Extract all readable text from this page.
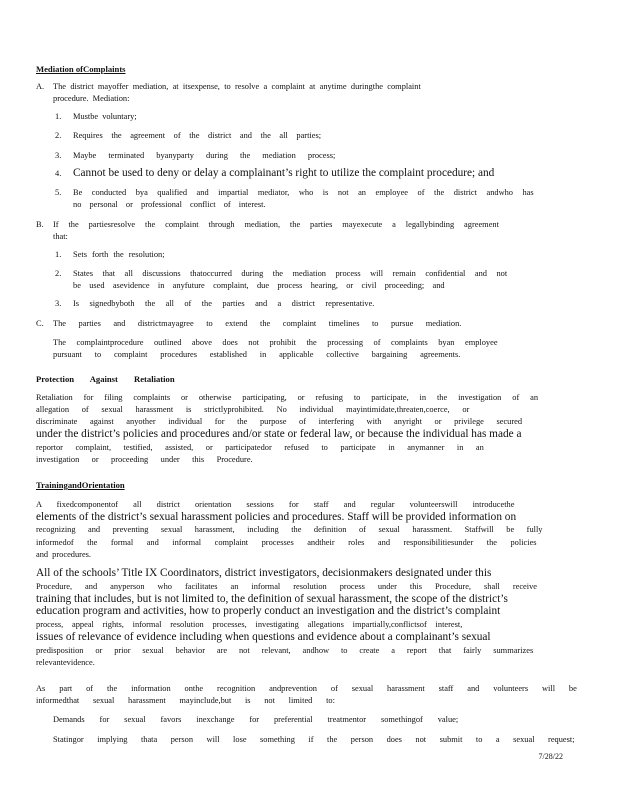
Mediation ofComplaints
A. The district mayoffer mediation, at itsexpense, to resolve a complaint at anytime duringthe complaint
procedure. Mediation:
1. Mustbe voluntary;
2. Requires the agreement of the district and the all parties;
3. Maybe terminated byanyparty during the mediation process;
4. Cannot be used to deny or delay a complainant’s right to utilize the complaint procedure; and
5. Be conducted bya qualified and impartial mediator, who is not an employee of the district andwho has
no personal or professional conflict of interest.
B. If the partiesresolve the complaint through mediation, the parties mayexecute a legallybinding agreement
that:
1. Sets forth the resolution;
2. States that all discussions thatoccurred during the mediation process will remain confidential and not
be used asevidence in anyfuture complaint, due process hearing, or civil proceeding; and
3. Is signedbyboth the all of the parties and a district representative.
C. The parties and districtmayagree to extend the complaint timelines to pursue mediation.
The complaintprocedure outlined above does not prohibit the processing of complaints byan employee
pursuant to complaint procedures established in applicable collective bargaining agreements.
Protection Against Retaliation
Retaliation for filing complaints or otherwise participating, or refusing to participate, in the investigation of an
allegation of sexual harassment is strictlyprohibited. No individual mayintimidate,threaten,coerce, or
discriminate against anyother individual for the purpose of interfering with anyright or privilege secured
under the district’s policies and procedures and/or state or federal law, or because the individual has made a
reportor complaint, testified, assisted, or participatedor refused to participate in anymanner in an
investigation or proceeding under this Procedure.
TrainingandOrientation
A fixedcomponentof all district orientation sessions for staff and regular volunteerswill introducethe
elements of the district’s sexual harassment policies and procedures. Staff will be provided information on
recognizing and preventing sexual harassment, including the definition of sexual harassment. Staffwill be fully
informedof the formal and informal complaint processes andtheir roles and responsibilitiesunder the policies
and procedures.
All of the schools’ Title IX Coordinators, district investigators, decisionmakers designated under this
Procedure, and anyperson who facilitates an informal resolution process under this Procedure, shall receive
training that includes, but is not limited to, the definition of sexual harassment, the scope of the district’s
education program and activities, how to properly conduct an investigation and the district’s complaint
process, appeal rights, informal resolution processes, investigating allegations impartially,conflictsof interest,
issues of relevance of evidence including when questions and evidence about a complainant’s sexual
predisposition or prior sexual behavior are not relevant, andhow to create a report that fairly summarizes
relevantevidence.
As part of the information onthe recognition andprevention of sexual harassment staff and volunteers will be
informedthat sexual harassment mayinclude,but is not limited to:
Demands for sexual favors inexchange for preferential treatmentor somethingof value;
Statingor implying thata person will lose something if the person does not submit to a sexual request;
7/28/22
